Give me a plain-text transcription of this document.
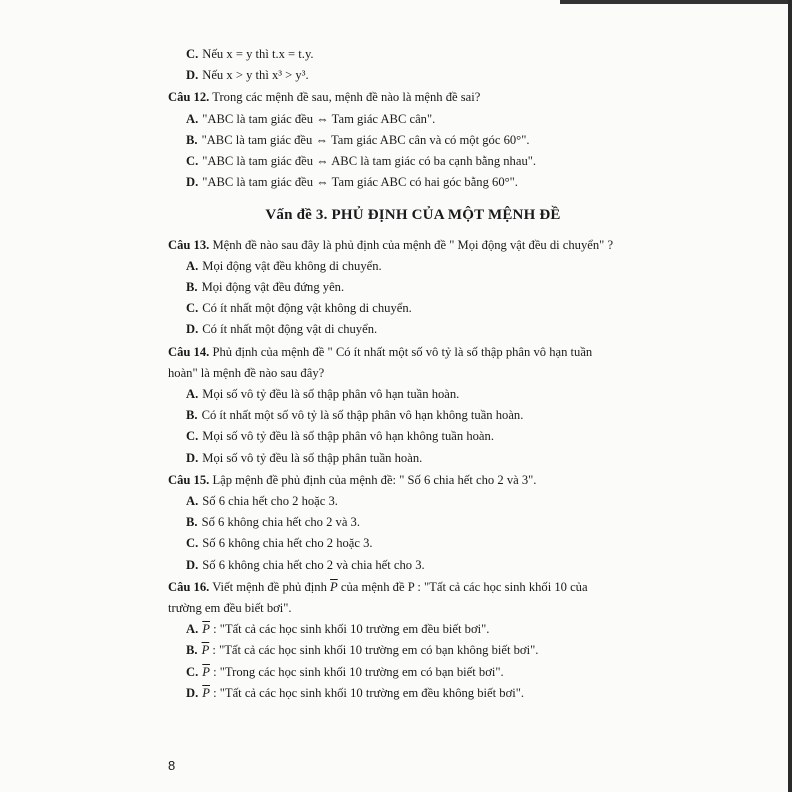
C. Nếu x = y thì t.x = t.y.
D. Nếu x > y thì x³ > y³.
Câu 12. Trong các mệnh đề sau, mệnh đề nào là mệnh đề sai?
A. "ABC là tam giác đều ⇔ Tam giác ABC cân".
B. "ABC là tam giác đều ⇔ Tam giác ABC cân và có một góc 60°".
C. "ABC là tam giác đều ⇔ ABC là tam giác có ba cạnh bằng nhau".
D. "ABC là tam giác đều ⇔ Tam giác ABC có hai góc bằng 60°".
Vấn đề 3. PHỦ ĐỊNH CỦA MỘT MỆNH ĐỀ
Câu 13. Mệnh đề nào sau đây là phủ định của mệnh đề " Mọi động vật đều di chuyển" ?
A. Mọi động vật đều không di chuyển.
B. Mọi động vật đều đứng yên.
C. Có ít nhất một động vật không di chuyển.
D. Có ít nhất một động vật di chuyển.
Câu 14. Phủ định của mệnh đề " Có ít nhất một số vô tỷ là số thập phân vô hạn tuần
hoàn" là mệnh đề nào sau đây?
A. Mọi số vô tỷ đều là số thập phân vô hạn tuần hoàn.
B. Có ít nhất một số vô tỷ là số thập phân vô hạn không tuần hoàn.
C. Mọi số vô tỷ đều là số thập phân vô hạn không tuần hoàn.
D. Mọi số vô tỷ đều là số thập phân tuần hoàn.
Câu 15. Lập mệnh đề phủ định của mệnh đề: " Số 6 chia hết cho 2 và 3".
A. Số 6 chia hết cho 2 hoặc 3.
B. Số 6 không chia hết cho 2 và 3.
C. Số 6 không chia hết cho 2 hoặc 3.
D. Số 6 không chia hết cho 2 và chia hết cho 3.
Câu 16. Viết mệnh đề phủ định $\overline{P}$ của mệnh đề P : "Tất cả các học sinh khối 10 của
trường em đều biết bơi".
A. $\overline{P}$ : "Tất cả các học sinh khối 10 trường em đều biết bơi".
B. $\overline{P}$ : "Tất cả các học sinh khối 10 trường em có bạn không biết bơi".
C. $\overline{P}$ : "Trong các học sinh khối 10 trường em có bạn biết bơi".
D. $\overline{P}$ : "Tất cả các học sinh khối 10 trường em đều không biết bơi".
8
